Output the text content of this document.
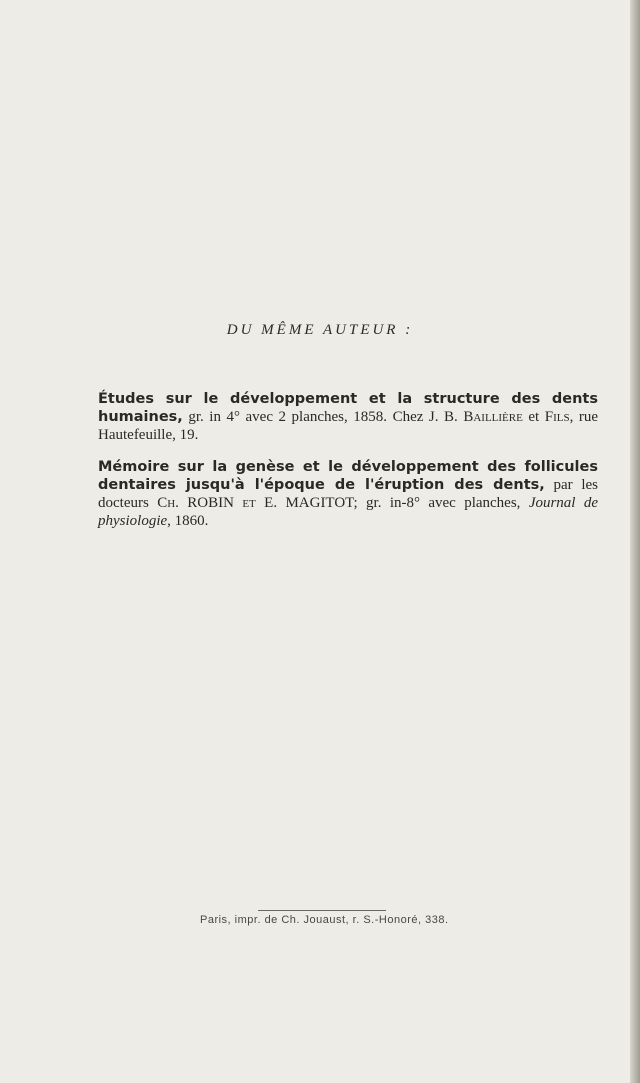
DU MÊME AUTEUR :
Études sur le développement et la structure des dents humaines, gr. in 4° avec 2 planches, 1858. Chez J. B. Baillière et Fils, rue Hautefeuille, 19.
Mémoire sur la genèse et le développement des follicules dentaires jusqu'à l'époque de l'éruption des dents, par les docteurs Ch. ROBIN et E. MAGITOT; gr. in-8° avec planches, Journal de physiologie, 1860.
Paris, impr. de Ch. Jouaust, r. S.-Honoré, 338.
